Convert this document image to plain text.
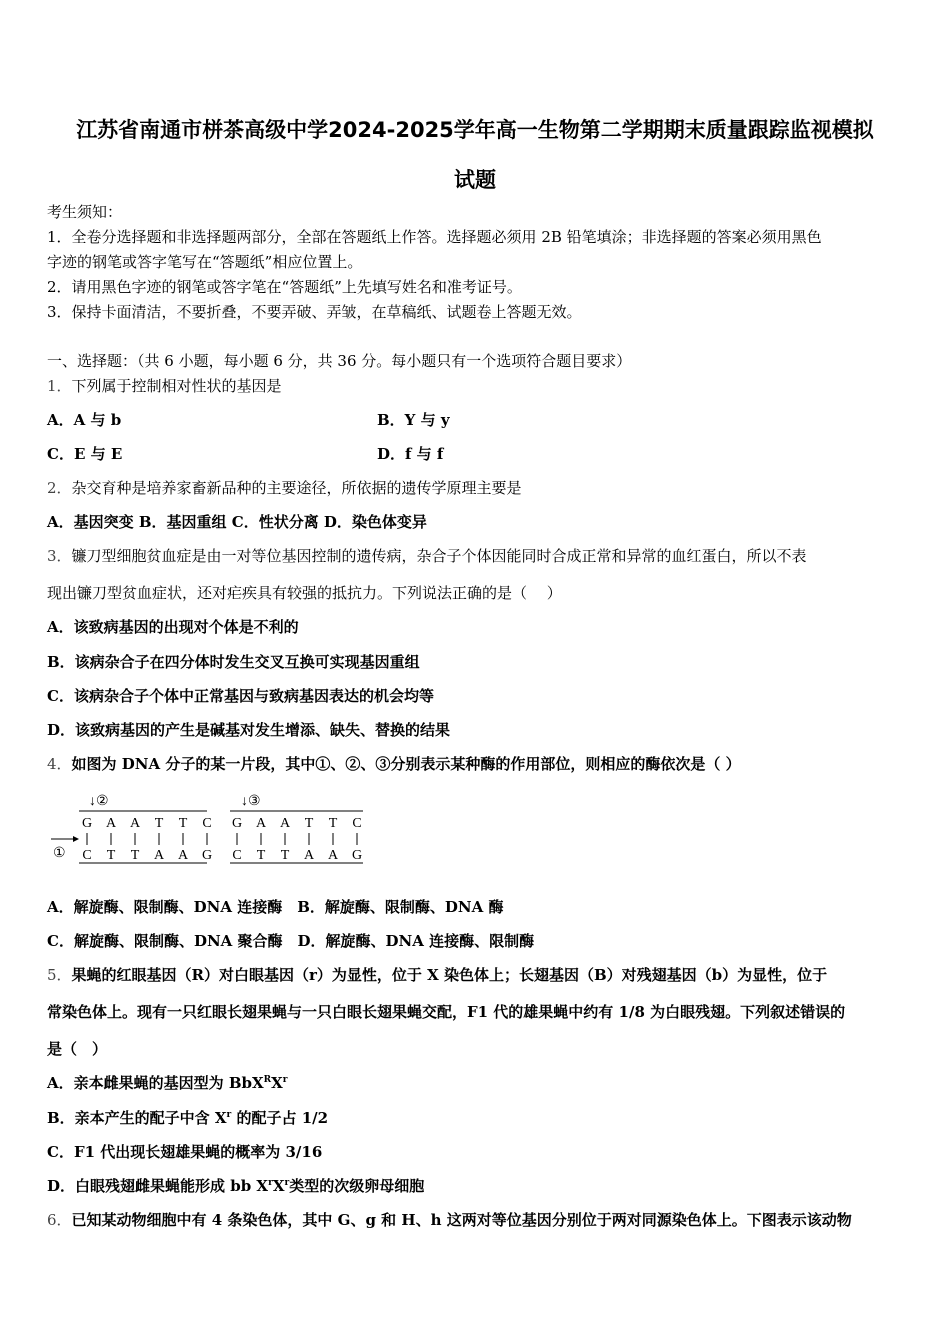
江苏省南通市栟茶高级中学2024-2025学年高一生物第二学期期末质量跟踪监视模拟
试题
考生须知：
1．全卷分选择题和非选择题两部分，全部在答题纸上作答。选择题必须用 2B 铅笔填涂；非选择题的答案必须用黑色
字迹的钢笔或答字笔写在“答题纸”相应位置上。
2．请用黑色字迹的钢笔或答字笔在“答题纸”上先填写姓名和准考证号。
3．保持卡面清洁，不要折叠，不要弄破、弄皱，在草稿纸、试题卷上答题无效。
一、选择题：（共 6 小题，每小题 6 分，共 36 分。每小题只有一个选项符合题目要求）
1．下列属于控制相对性状的基因是
A．A 与 b	B．Y 与 y
C．E 与 E	D．f 与 f
2．杂交育种是培养家畜新品种的主要途径，所依据的遗传学原理主要是
A．基因突变 B．基因重组 C．性状分离 D．染色体变异
3．镰刀型细胞贫血症是由一对等位基因控制的遗传病，杂合子个体因能同时合成正常和异常的血红蛋白，所以不表
现出镰刀型贫血症状，还对疟疾具有较强的抵抗力。下列说法正确的是（　 ）
A．该致病基因的出现对个体是不利的
B．该病杂合子在四分体时发生交叉互换可实现基因重组
C．该病杂合子个体中正常基因与致病基因表达的机会均等
D．该致病基因的产生是碱基对发生增添、缺失、替换的结果
4．如图为 DNA 分子的某一片段，其中①、②、③分别表示某种酶的作用部位，则相应的酶依次是（ ）
①
↓②	↓③
G
C
A
T
A
T
T
A
T
A
C
G
G
C
A
T
A
T
T
A
T
A
C
G
A．解旋酶、限制酶、DNA 连接酶　B．解旋酶、限制酶、DNA 酶
C．解旋酶、限制酶、DNA 聚合酶　D．解旋酶、DNA 连接酶、限制酶
5．果蝇的红眼基因（R）对白眼基因（r）为显性，位于 X 染色体上；长翅基因（B）对残翅基因（b）为显性，位于
常染色体上。现有一只红眼长翅果蝇与一只白眼长翅果蝇交配，F1 代的雄果蝇中约有 1/8 为白眼残翅。下列叙述错误的
是（　）
A．亲本雌果蝇的基因型为 $BbX^RX^r$
B．亲本产生的配子中含 $X^r$ 的配子占 1/2
C．F1 代出现长翅雄果蝇的概率为 3/16
D．白眼残翅雌果蝇能形成 bb $X^rX^r$类型的次级卵母细胞
6．已知某动物细胞中有 4 条染色体，其中 G、g 和 H、h 这两对等位基因分别位于两对同源染色体上。下图表示该动物
